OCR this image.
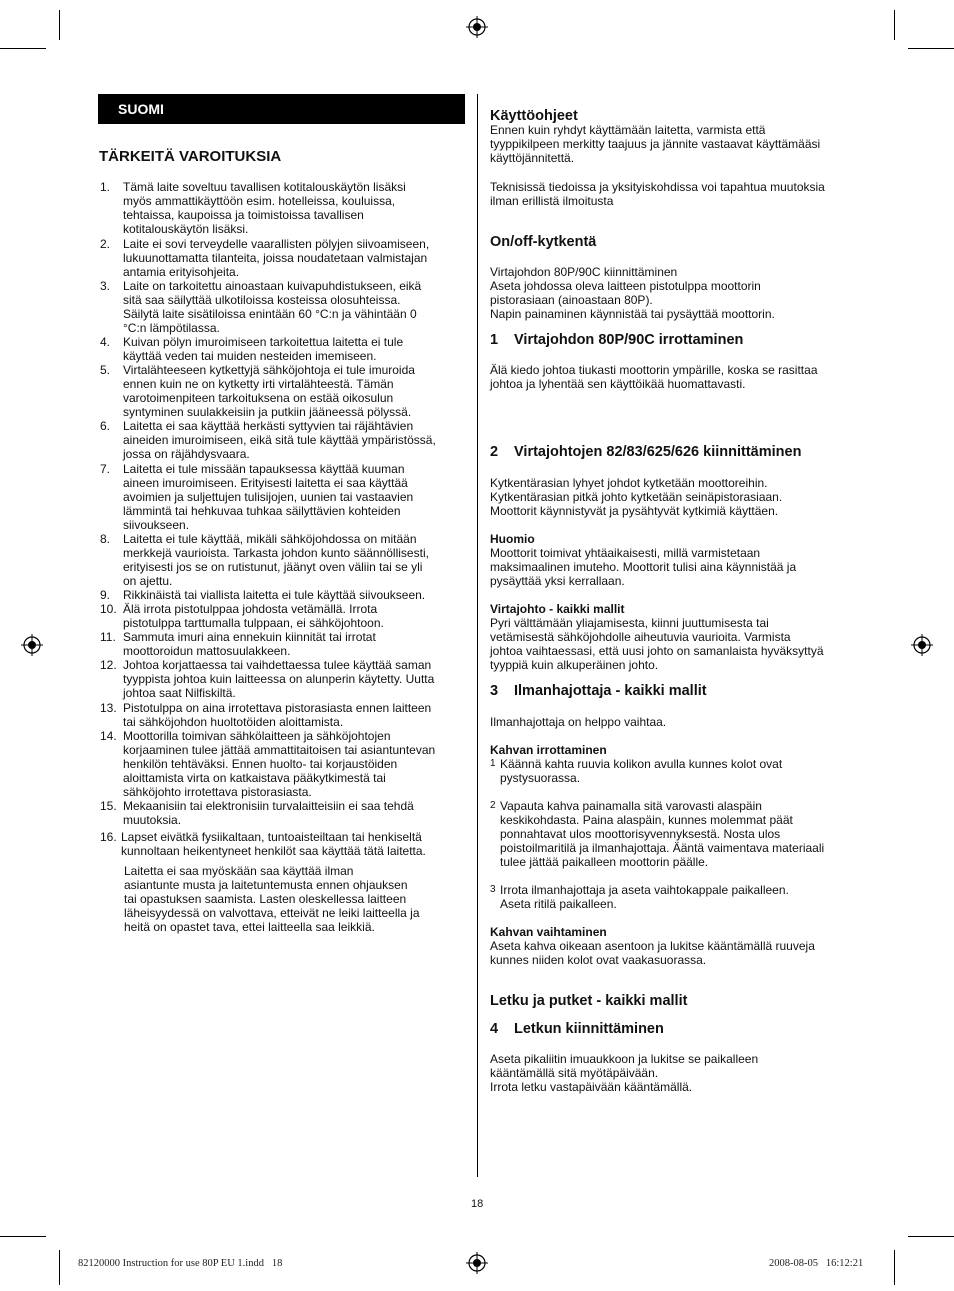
SUOMI
TÄRKEITÄ VAROITUKSIA
1. Tämä laite soveltuu tavallisen kotitalouskäytön lisäksi
myös ammattikäyttöön esim. hotelleissa, kouluissa,
tehtaissa, kaupoissa ja toimistoissa tavallisen
kotitalouskäytön lisäksi.
2. Laite ei sovi terveydelle vaarallisten pölyjen siivoamiseen,
lukuunottamatta tilanteita, joissa noudatetaan valmistajan
antamia erityisohjeita.
3. Laite on tarkoitettu ainoastaan kuivapuhdistukseen, eikä
sitä saa säilyttää ulkotiloissa kosteissa olosuhteissa.
Säilytä laite sisätiloissa enintään 60 °C:n ja vähintään 0
°C:n lämpötilassa.
4. Kuivan pölyn imuroimiseen tarkoitettua laitetta ei tule
käyttää veden tai muiden nesteiden imemiseen.
5. Virtalähteeseen kytkettyjä sähköjohtoja ei tule imuroida
ennen kuin ne on kytketty irti virtalähteestä. Tämän
varotoimenpiteen tarkoituksena on estää oikosulun
syntyminen suulakkeisiin ja putkiin jääneessä pölyssä.
6. Laitetta ei saa käyttää herkästi syttyvien tai räjähtävien
aineiden imuroimiseen, eikä sitä tule käyttää ympäristössä,
jossa on räjähdysvaara.
7. Laitetta ei tule missään tapauksessa käyttää kuuman
aineen imuroimiseen. Erityisesti laitetta ei saa käyttää
avoimien ja suljettujen tulisijojen, uunien tai vastaavien
lämmintä tai hehkuvaa tuhkaa säilyttävien kohteiden
siivoukseen.
8. Laitetta ei tule käyttää, mikäli sähköjohdossa on mitään
merkkejä vaurioista. Tarkasta johdon kunto säännöllisesti,
erityisesti jos se on rutistunut, jäänyt oven väliin tai se yli
on ajettu.
9. Rikkinäistä tai viallista laitetta ei tule käyttää siivoukseen.
10. Älä irrota pistotulppaa johdosta vetämällä. Irrota
pistotulppa tarttumalla tulppaan, ei sähköjohtoon.
11. Sammuta imuri aina ennekuin kiinnität tai irrotat
moottoroidun mattosuulakkeen.
12. Johtoa korjattaessa tai vaihdettaessa tulee käyttää saman
tyyppista johtoa kuin laitteessa on alunperin käytetty. Uutta
johtoa saat Nilfiskiltä.
13. Pistotulppa on aina irrotettava pistorasiasta ennen laitteen
tai sähköjohdon huoltotöiden aloittamista.
14. Moottorilla toimivan sähkölaitteen ja sähköjohtojen
korjaaminen tulee jättää ammattitaitoisen tai asiantuntevan
henkilön tehtäväksi. Ennen huolto- tai korjaustöiden
aloittamista virta on katkaistava pääkytkimestä tai
sähköjohto irrotettava pistorasiasta.
15. Mekaanisiin tai elektronisiin turvalaitteisiin ei saa tehdä
muutoksia.
16. Lapset eivätkä fysiikaltaan, tuntoaisteiltaan tai henkiseltä
kunnoltaan heikentyneet henkilöt saa käyttää tätä laitetta.
Laitetta ei saa myöskään saa käyttää ilman
asiantunte musta ja laitetuntemusta ennen ohjauksen
tai opastuksen saamista. Lasten oleskellessa laitteen
läheisyydessä on valvottava, etteivät ne leiki laitteella ja
heitä on opastet tava, ettei laitteella saa leikkiä.
Käyttöohjeet
Ennen kuin ryhdyt käyttämään laitetta, varmista että
tyyppikilpeen merkitty taajuus ja jännite vastaavat käyttämääsi
käyttöjännitettä.
Teknisissä tiedoissa ja yksityiskohdissa voi tapahtua muutoksia
ilman erillistä ilmoitusta
On/off-kytkentä
Virtajohdon 80P/90C kiinnittäminen
Aseta johdossa oleva laitteen pistotulppa moottorin
pistorasiaan (ainoastaan 80P).
Napin painaminen käynnistää tai pysäyttää moottorin.
1 Virtajohdon 80P/90C irrottaminen
Älä kiedo johtoa tiukasti moottorin ympärille, koska se rasittaa
johtoa ja lyhentää sen käyttöikää huomattavasti.
2 Virtajohtojen 82/83/625/626 kiinnittäminen
Kytkentärasian lyhyet johdot kytketään moottoreihin.
Kytkentärasian pitkä johto kytketään seinäpistorasiaan.
Moottorit käynnistyvät ja pysähtyvät kytkimiä käyttäen.
Huomio
Moottorit toimivat yhtäaikaisesti, millä varmistetaan
maksimaalinen imuteho. Moottorit tulisi aina käynnistää ja
pysäyttää yksi kerrallaan.
Virtajohto - kaikki mallit
Pyri välttämään yliajamisesta, kiinni juuttumisesta tai
vetämisestä sähköjohdolle aiheutuvia vaurioita. Varmista
johtoa vaihtaessasi, että uusi johto on samanlaista hyväksyttyä
tyyppiä kuin alkuperäinen johto.
3 Ilmanhajottaja - kaikki mallit
Ilmanhajottaja on helppo vaihtaa.
Kahvan irrottaminen
1 Käännä kahta ruuvia kolikon avulla kunnes kolot ovat
pystysuorassa.
2 Vapauta kahva painamalla sitä varovasti alaspäin
keskikohdasta. Paina alaspäin, kunnes molemmat päät
ponnahtavat ulos moottorisyvennyksestä. Nosta ulos
poistoilmaritilä ja ilmanhajottaja. Ääntä vaimentava materiaali
tulee jättää paikalleen moottorin päälle.
3 Irrota ilmanhajottaja ja aseta vaihtokappale paikalleen.
Aseta ritilä paikalleen.
Kahvan vaihtaminen
Aseta kahva oikeaan asentoon ja lukitse kääntämällä ruuveja
kunnes niiden kolot ovat vaakasuorassa.
Letku ja putket - kaikki mallit
4 Letkun kiinnittäminen
Aseta pikaliitin imuaukkoon ja lukitse se paikalleen
kääntämällä sitä myötäpäivään.
Irrota letku vastapäivään kääntämällä.
18
82120000 Instruction for use 80P EU 1.indd   18	2008-08-05   16:12:21
